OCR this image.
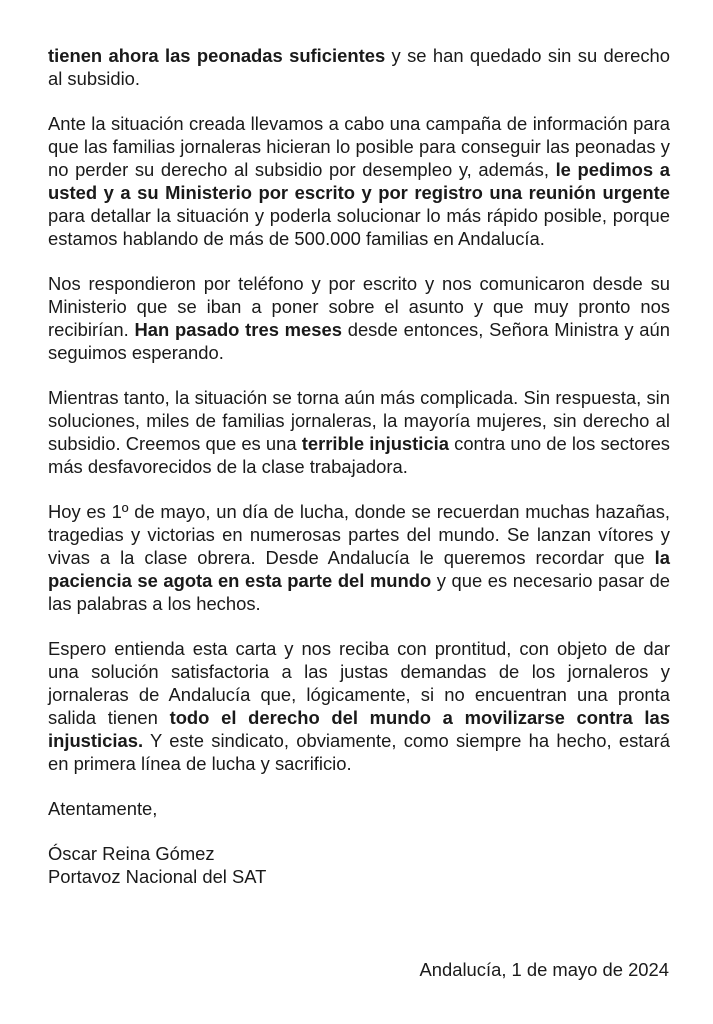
tienen ahora las peonadas suficientes y se han quedado sin su derecho al subsidio.

Ante la situación creada llevamos a cabo una campaña de información para que las familias jornaleras hicieran lo posible para conseguir las peonadas y no perder su derecho al subsidio por desempleo y, además, le pedimos a usted y a su Ministerio por escrito y por registro una reunión urgente para detallar la situación y poderla solucionar lo más rápido posible, porque estamos hablando de más de 500.000 familias en Andalucía.

Nos respondieron por teléfono y por escrito y nos comunicaron desde su Ministerio que se iban a poner sobre el asunto y que muy pronto nos recibirían. Han pasado tres meses desde entonces, Señora Ministra y aún seguimos esperando.

Mientras tanto, la situación se torna aún más complicada. Sin respuesta, sin soluciones, miles de familias jornaleras, la mayoría mujeres, sin derecho al subsidio. Creemos que es una terrible injusticia contra uno de los sectores más desfavorecidos de la clase trabajadora.

Hoy es 1º de mayo, un día de lucha, donde se recuerdan muchas hazañas, tragedias y victorias en numerosas partes del mundo. Se lanzan vítores y vivas a la clase obrera. Desde Andalucía le queremos recordar que la paciencia se agota en esta parte del mundo y que es necesario pasar de las palabras a los hechos.

Espero entienda esta carta y nos reciba con prontitud, con objeto de dar una solución satisfactoria a las justas demandas de los jornaleros y jornaleras de Andalucía que, lógicamente, si no encuentran una pronta salida tienen todo el derecho del mundo a movilizarse contra las injusticias. Y este sindicato, obviamente, como siempre ha hecho, estará en primera línea de lucha y sacrificio.

Atentamente,

Óscar Reina Gómez

Portavoz Nacional del SAT

Andalucía, 1 de mayo de 2024
